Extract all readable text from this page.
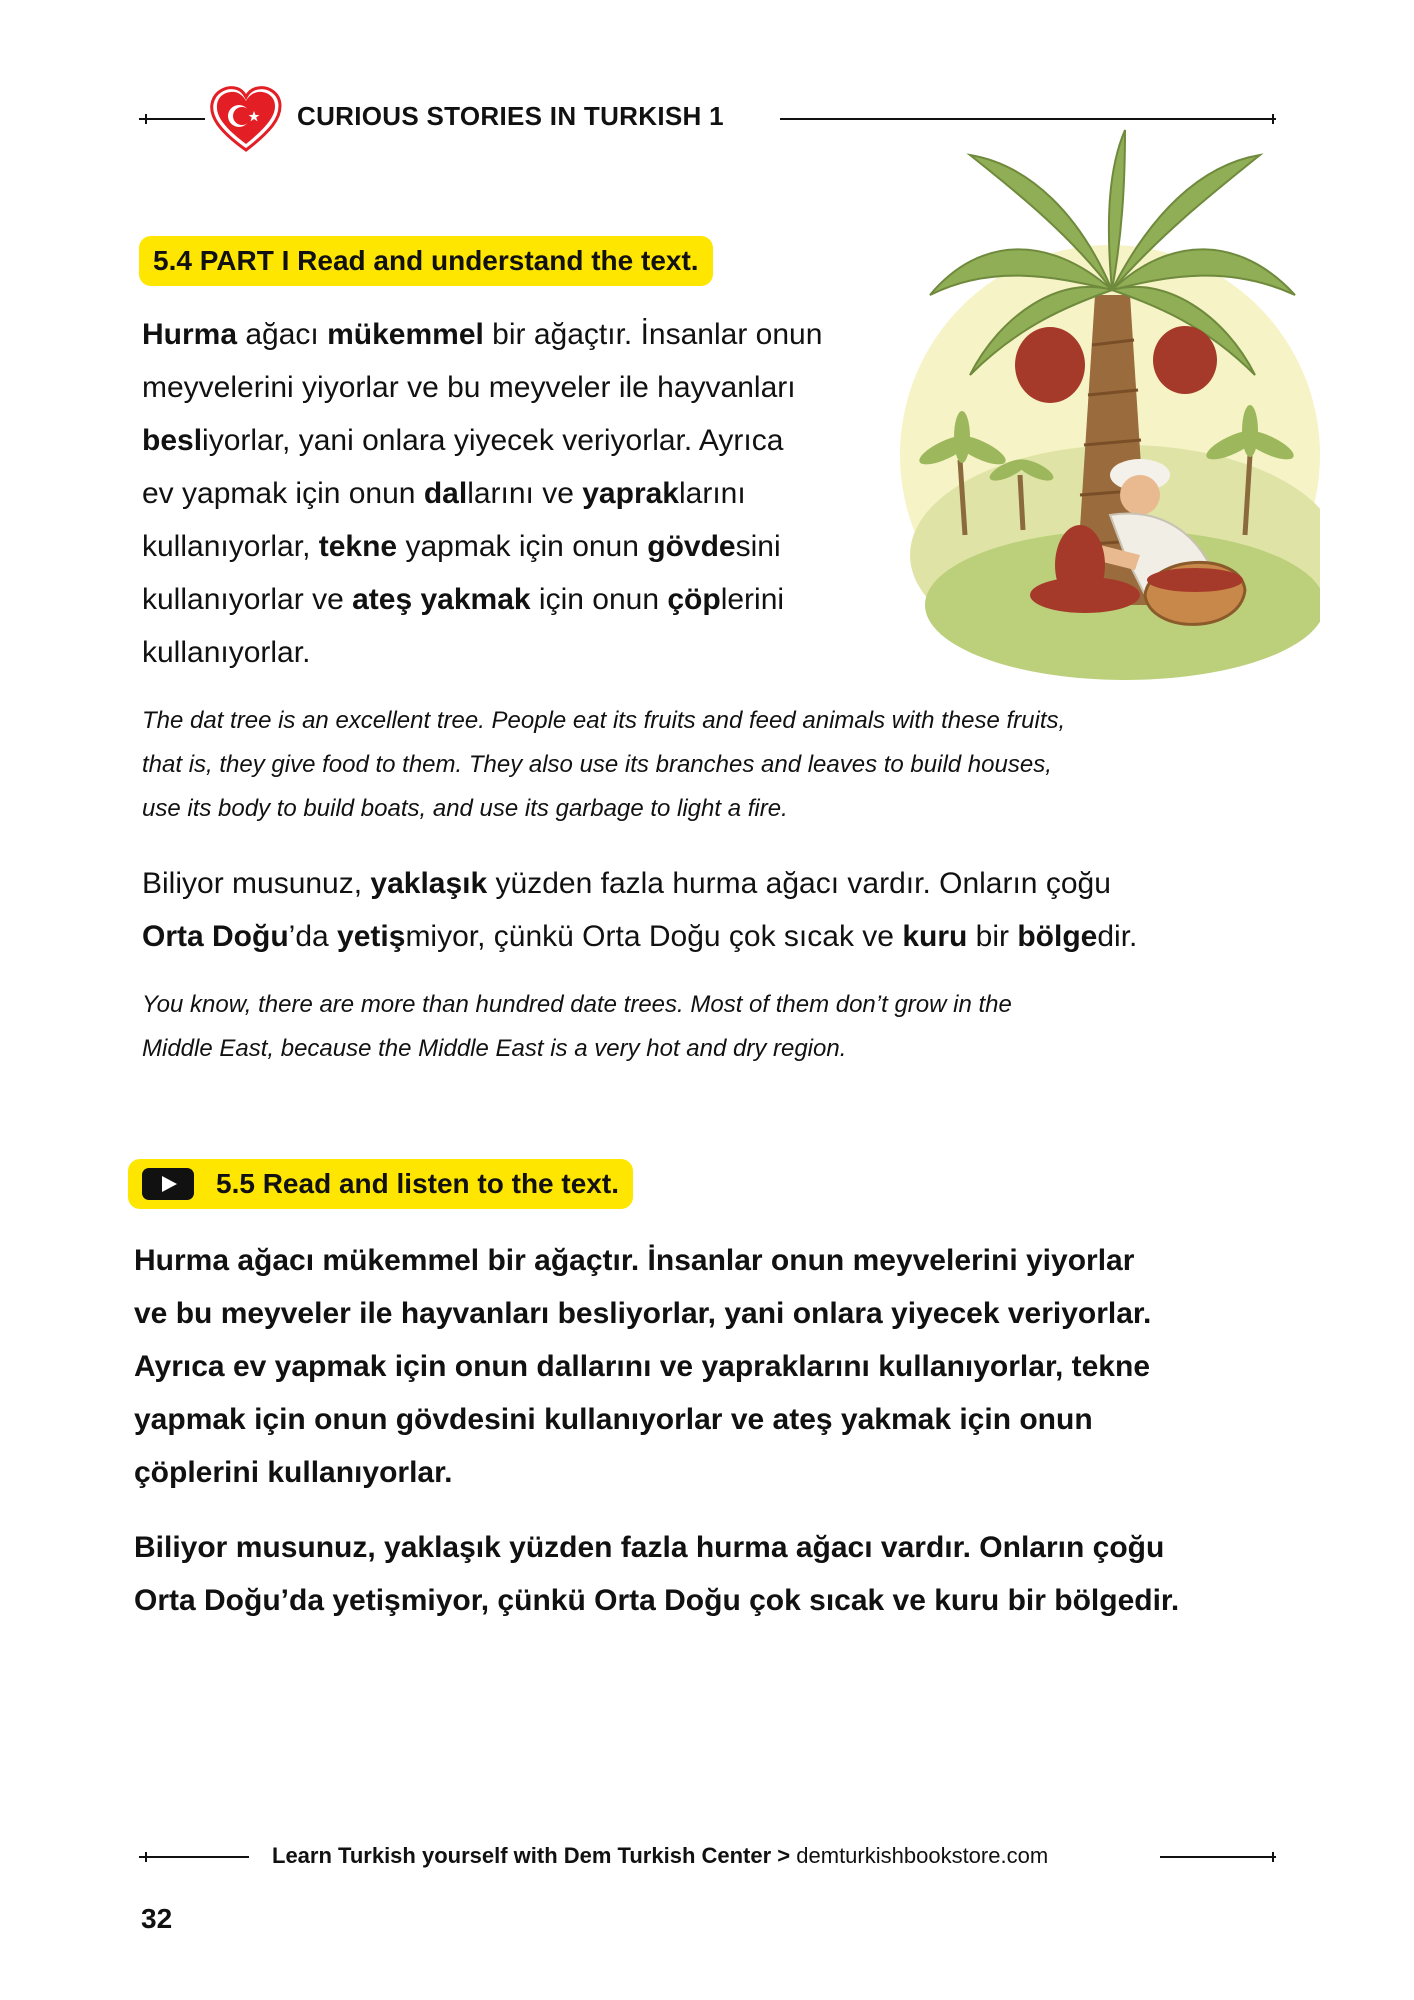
CURIOUS STORIES IN TURKISH 1
5.4 PART I Read and understand the text.
Hurma ağacı mükemmel bir ağaçtır. İnsanlar onun
meyvelerini yiyorlar ve bu meyveler ile hayvanları
besliyorlar, yani onlara yiyecek veriyorlar. Ayrıca
ev yapmak için onun dallarını ve yapraklarını
kullanıyorlar, tekne yapmak için onun gövdesini
kullanıyorlar ve ateş yakmak için onun çöplerini
kullanıyorlar.
The dat tree is an excellent tree. People eat its fruits and feed animals with these fruits,
that is, they give food to them. They also use its branches and leaves to build houses,
use its body to build boats, and use its garbage to light a fire.
Biliyor musunuz, yaklaşık yüzden fazla hurma ağacı vardır. Onların çoğu
Orta Doğu’da yetişmiyor, çünkü Orta Doğu çok sıcak ve kuru bir bölgedir.
You know, there are more than hundred date trees. Most of them don’t grow in the
Middle East, because the Middle East is a very hot and dry region.
5.5 Read and listen to the text.
Hurma ağacı mükemmel bir ağaçtır. İnsanlar onun meyvelerini yiyorlar
ve bu meyveler ile hayvanları besliyorlar, yani onlara yiyecek veriyorlar.
Ayrıca ev yapmak için onun dallarını ve yapraklarını kullanıyorlar, tekne
yapmak için onun gövdesini kullanıyorlar ve ateş yakmak için onun
çöplerini kullanıyorlar.
Biliyor musunuz, yaklaşık yüzden fazla hurma ağacı vardır. Onların çoğu
Orta Doğu’da yetişmiyor, çünkü Orta Doğu çok sıcak ve kuru bir bölgedir.
Learn Turkish yourself with Dem Turkish Center > demturkishbookstore.com
32
